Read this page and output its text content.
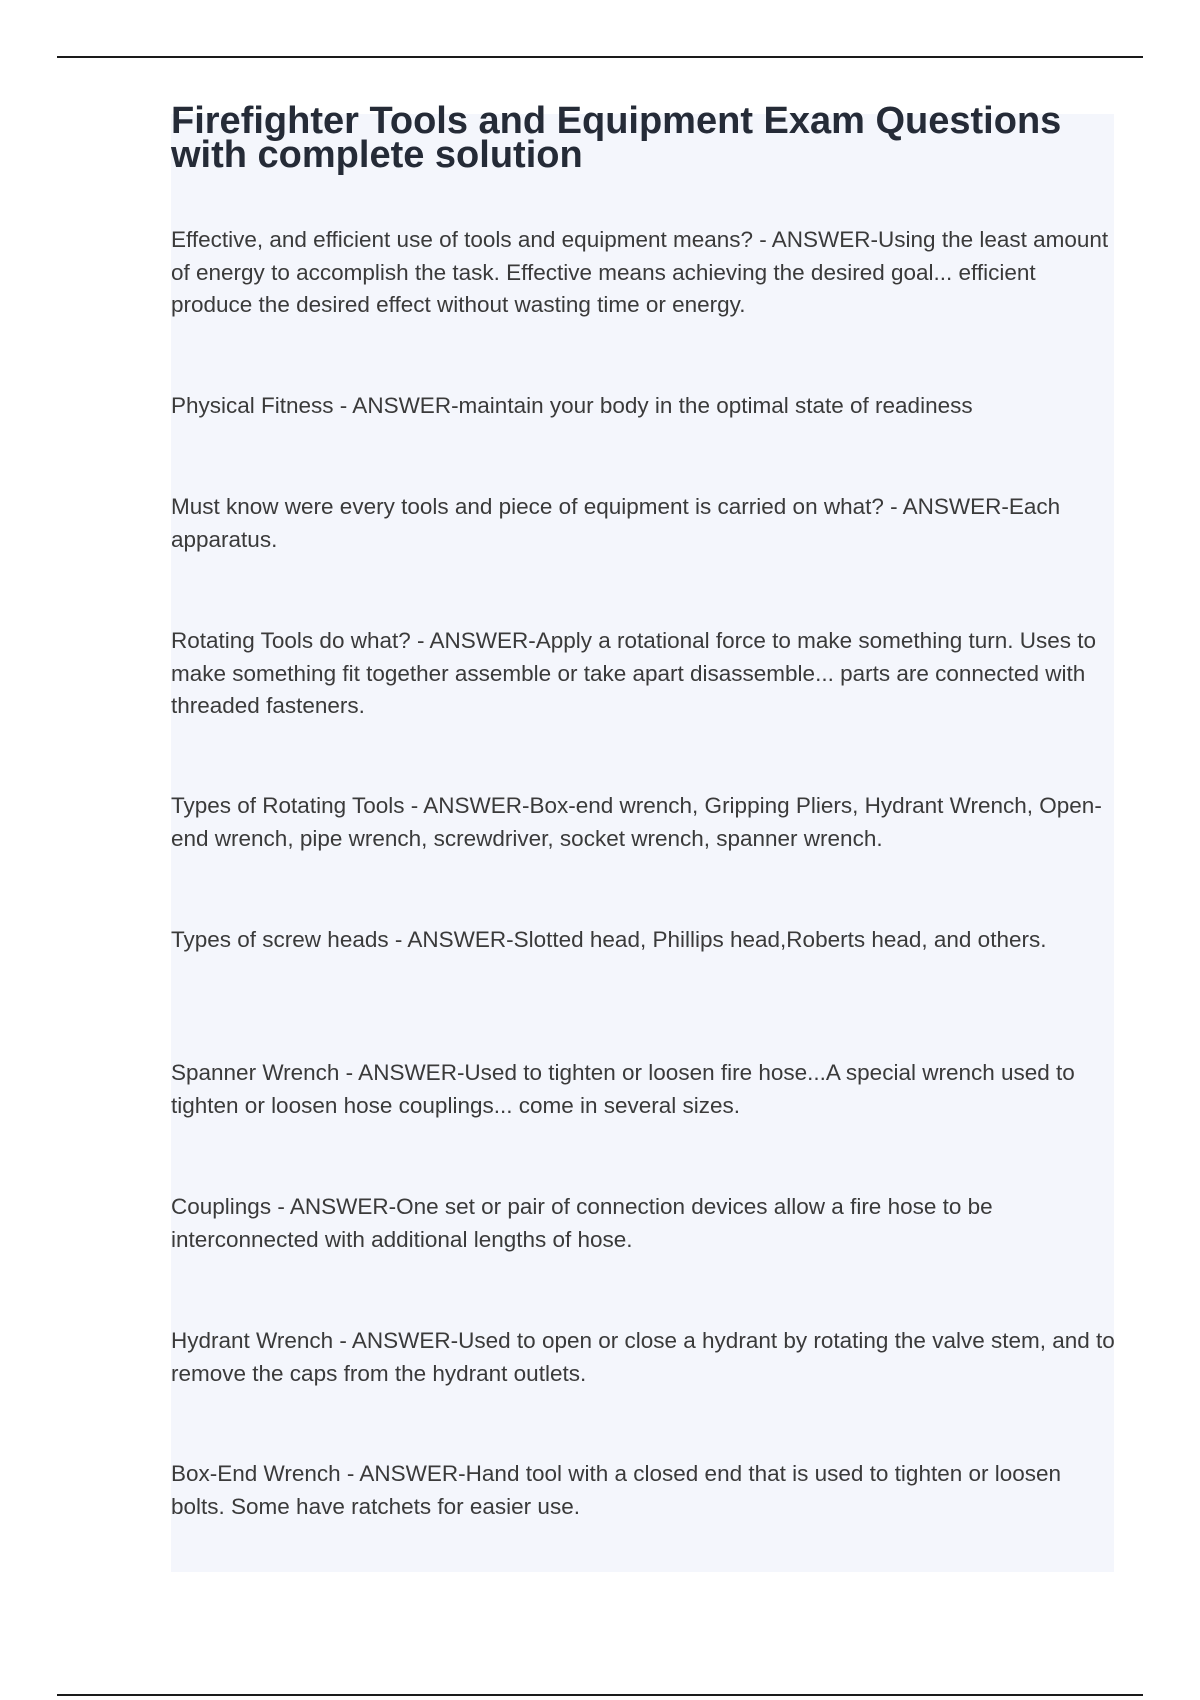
Firefighter Tools and Equipment Exam Questions with complete solution

Effective, and efficient use of tools and equipment means? - ANSWER-Using the least amount of energy to accomplish the task. Effective means achieving the desired goal... efficient produce the desired effect without wasting time or energy.

Physical Fitness - ANSWER-maintain your body in the optimal state of readiness

Must know were every tools and piece of equipment is carried on what? - ANSWER-Each apparatus.

Rotating Tools do what? - ANSWER-Apply a rotational force to make something turn. Uses to make something fit together assemble or take apart disassemble... parts are connected with threaded fasteners.

Types of Rotating Tools - ANSWER-Box-end wrench, Gripping Pliers, Hydrant Wrench, Open-end wrench, pipe wrench, screwdriver, socket wrench, spanner wrench.

Types of screw heads - ANSWER-Slotted head, Phillips head,Roberts head, and others.

Spanner Wrench - ANSWER-Used to tighten or loosen fire hose...A special wrench used to tighten or loosen hose couplings... come in several sizes.

Couplings - ANSWER-One set or pair of connection devices allow a fire hose to be interconnected with additional lengths of hose.

Hydrant Wrench - ANSWER-Used to open or close a hydrant by rotating the valve stem, and to remove the caps from the hydrant outlets.

Box-End Wrench - ANSWER-Hand tool with a closed end that is used to tighten or loosen bolts. Some have ratchets for easier use.
